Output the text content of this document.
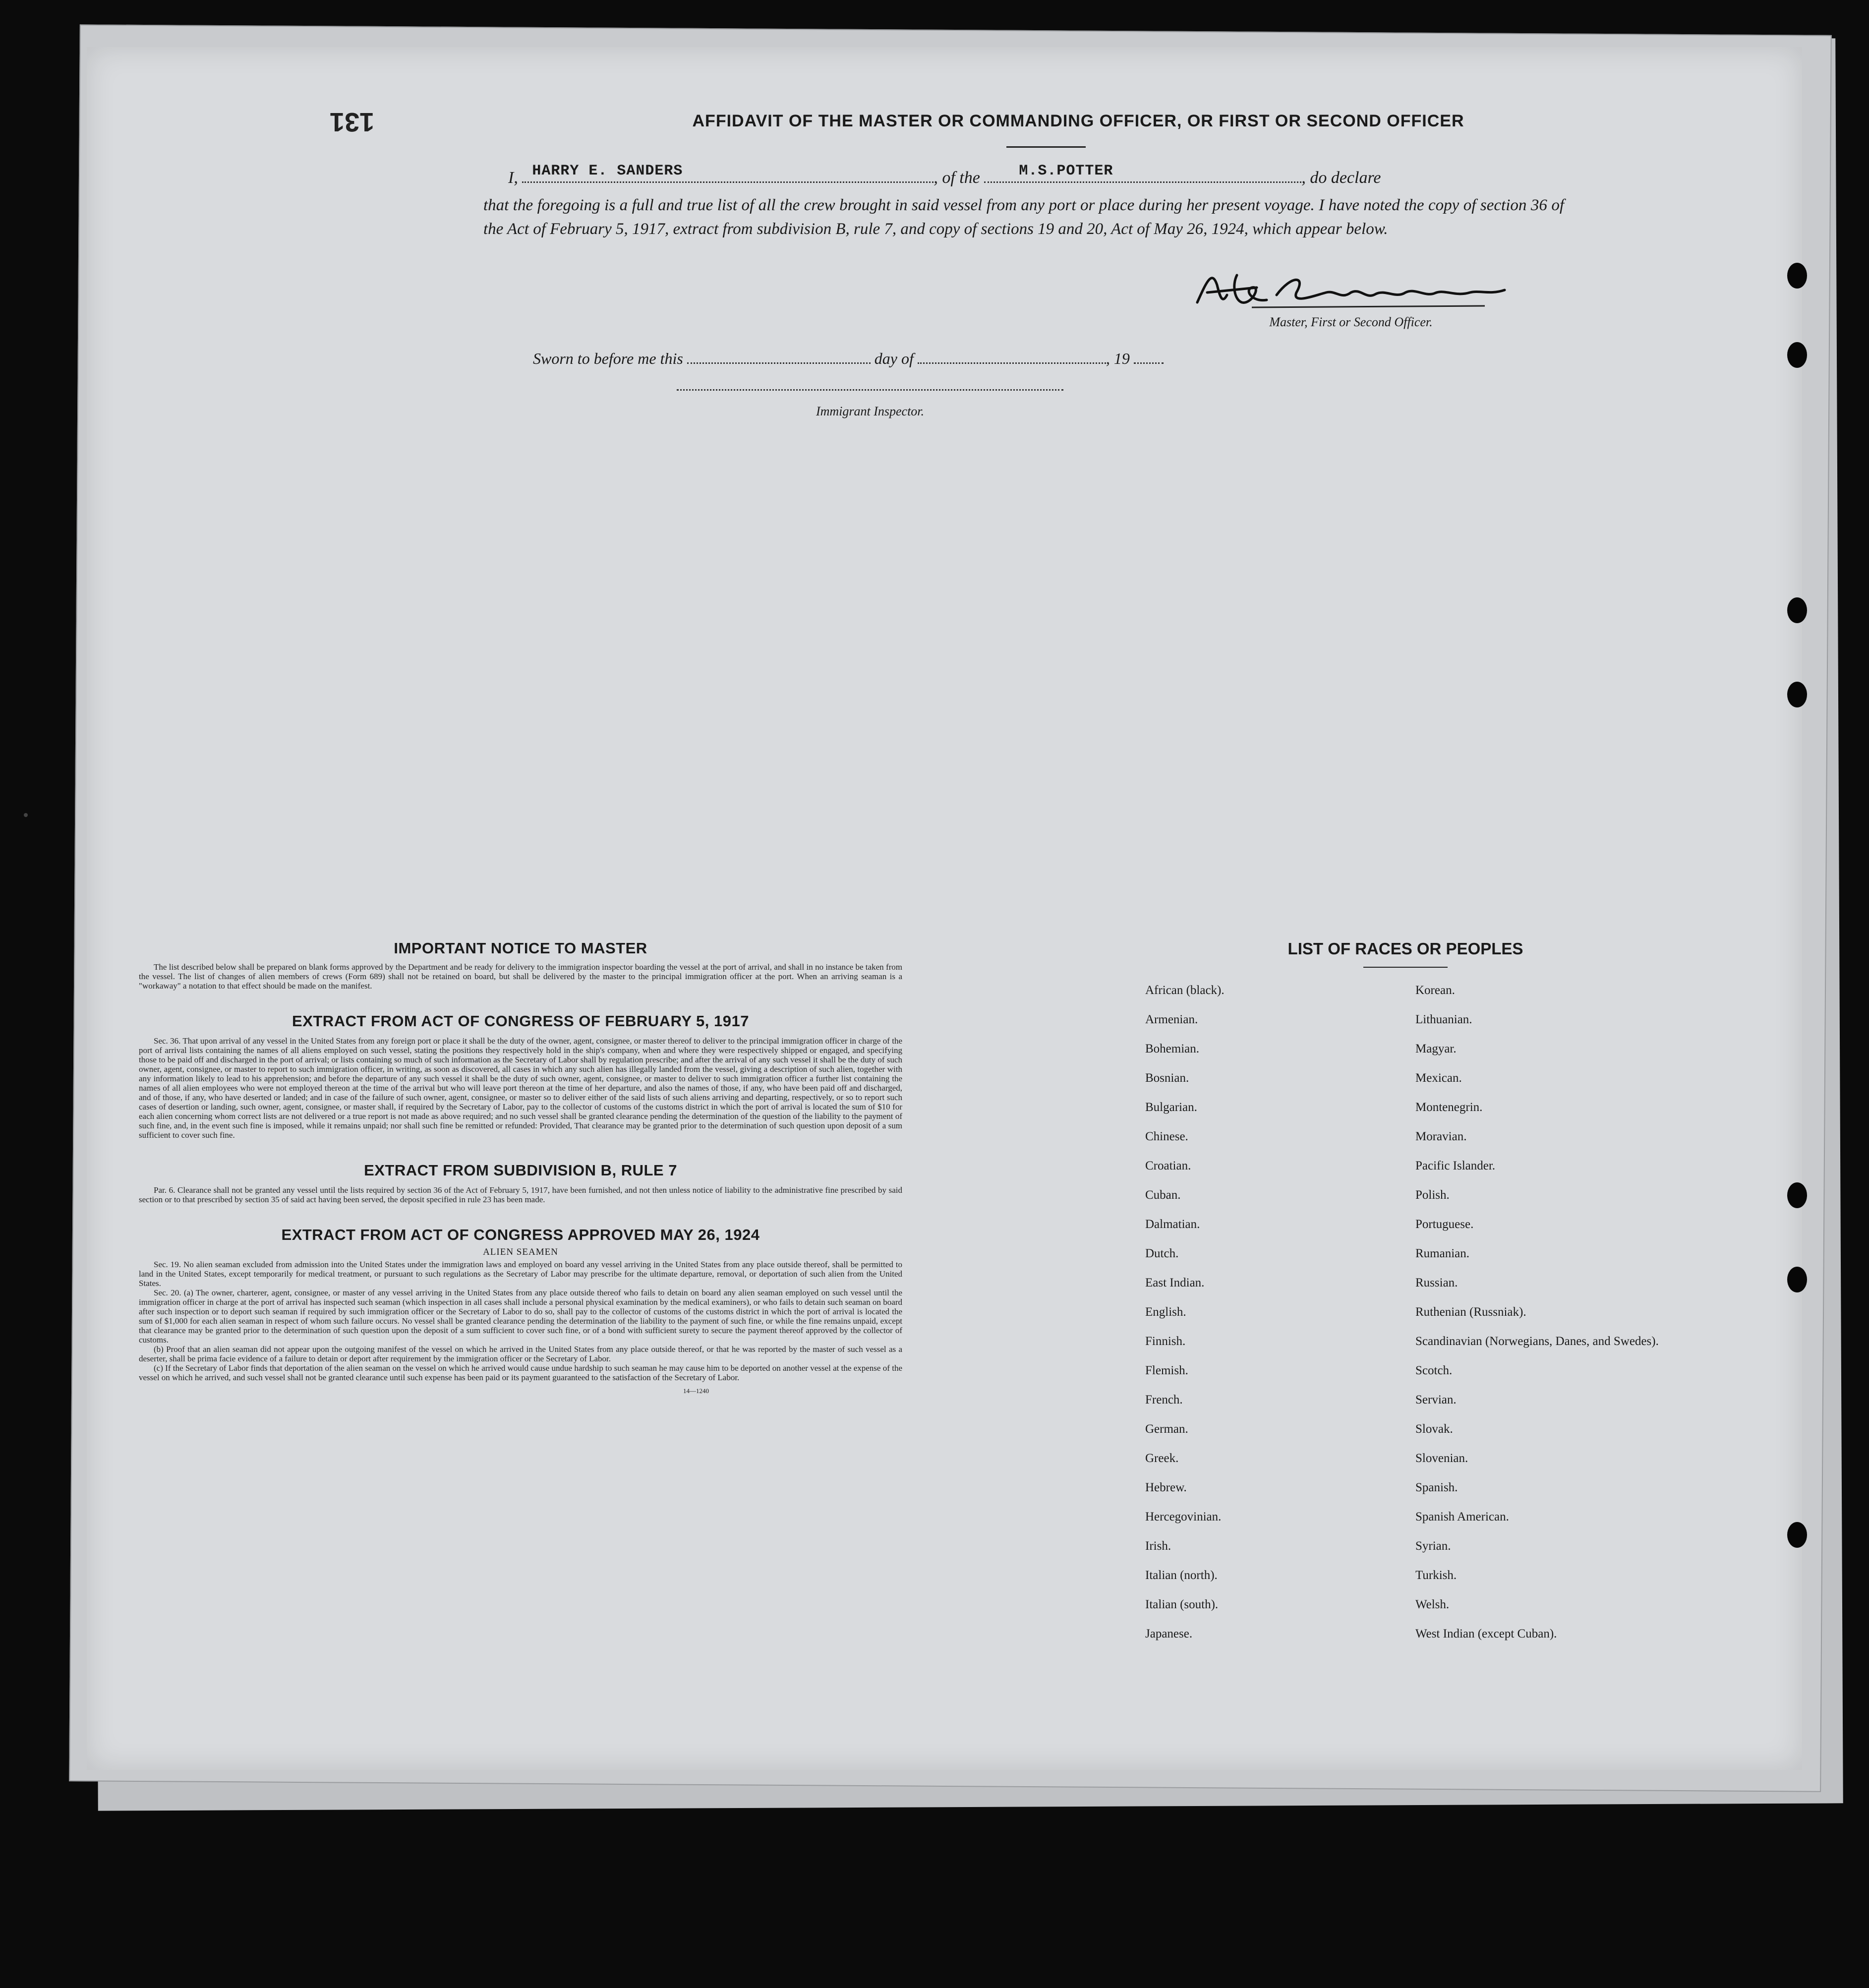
131	AFFIDAVIT OF THE MASTER OR COMMANDING OFFICER, OR FIRST OR SECOND OFFICER
I, HARRY E. SANDERS	, of the	M.S.POTTER	, do declare
that the foregoing is a full and true list of all the crew brought in said vessel from any port or place during her present voyage. I have noted the copy of section 36 of the Act of February 5, 1917, extract from subdivision B, rule 7, and copy of sections 19 and 20, Act of May 26, 1924, which appear below.
Master, First or Second Officer.
Sworn to before me this	day of	, 19
Immigrant Inspector.
IMPORTANT NOTICE TO MASTER

The list described below shall be prepared on blank forms approved by the Department and be ready for delivery to the immigration inspector boarding the vessel at the port of arrival, and shall in no instance be taken from the vessel. The list of changes of alien members of crews (Form 689) shall not be retained on board, but shall be delivered by the master to the principal immigration officer at the port. When an arriving seaman is a "workaway" a notation to that effect should be made on the manifest.

EXTRACT FROM ACT OF CONGRESS OF FEBRUARY 5, 1917

Sec. 36. That upon arrival of any vessel in the United States from any foreign port or place it shall be the duty of the owner, agent, consignee, or master thereof to deliver to the principal immigration officer in charge of the port of arrival lists containing the names of all aliens employed on such vessel, stating the positions they respectively hold in the ship's company, when and where they were respectively shipped or engaged, and specifying those to be paid off and discharged in the port of arrival; or lists containing so much of such information as the Secretary of Labor shall by regulation prescribe; and after the arrival of any such vessel it shall be the duty of such owner, agent, consignee, or master to report to such immigration officer, in writing, as soon as discovered, all cases in which any such alien has illegally landed from the vessel, giving a description of such alien, together with any information likely to lead to his apprehension; and before the departure of any such vessel it shall be the duty of such owner, agent, consignee, or master to deliver to such immigration officer a further list containing the names of all alien employees who were not employed thereon at the time of the arrival but who will leave port thereon at the time of her departure, and also the names of those, if any, who have been paid off and discharged, and of those, if any, who have deserted or landed; and in case of the failure of such owner, agent, consignee, or master so to deliver either of the said lists of such aliens arriving and departing, respectively, or so to report such cases of desertion or landing, such owner, agent, consignee, or master shall, if required by the Secretary of Labor, pay to the collector of customs of the customs district in which the port of arrival is located the sum of $10 for each alien concerning whom correct lists are not delivered or a true report is not made as above required; and no such vessel shall be granted clearance pending the determination of the question of the liability to the payment of such fine, and, in the event such fine is imposed, while it remains unpaid; nor shall such fine be remitted or refunded: Provided, That clearance may be granted prior to the determination of such question upon deposit of a sum sufficient to cover such fine.

EXTRACT FROM SUBDIVISION B, RULE 7

Par. 6. Clearance shall not be granted any vessel until the lists required by section 36 of the Act of February 5, 1917, have been furnished, and not then unless notice of liability to the administrative fine prescribed by said section or to that prescribed by section 35 of said act having been served, the deposit specified in rule 23 has been made.

EXTRACT FROM ACT OF CONGRESS APPROVED MAY 26, 1924
ALIEN SEAMEN

Sec. 19. No alien seaman excluded from admission into the United States under the immigration laws and employed on board any vessel arriving in the United States from any place outside thereof, shall be permitted to land in the United States, except temporarily for medical treatment, or pursuant to such regulations as the Secretary of Labor may prescribe for the ultimate departure, removal, or deportation of such alien from the United States.

Sec. 20. (a) The owner, charterer, agent, consignee, or master of any vessel arriving in the United States from any place outside thereof who fails to detain on board any alien seaman employed on such vessel until the immigration officer in charge at the port of arrival has inspected such seaman (which inspection in all cases shall include a personal physical examination by the medical examiners), or who fails to detain such seaman on board after such inspection or to deport such seaman if required by such immigration officer or the Secretary of Labor to do so, shall pay to the collector of customs of the customs district in which the port of arrival is located the sum of $1,000 for each alien seaman in respect of whom such failure occurs. No vessel shall be granted clearance pending the determination of the liability to the payment of such fine, or while the fine remains unpaid, except that clearance may be granted prior to the determination of such question upon the deposit of a sum sufficient to cover such fine, or of a bond with sufficient surety to secure the payment thereof approved by the collector of customs.

(b) Proof that an alien seaman did not appear upon the outgoing manifest of the vessel on which he arrived in the United States from any place outside thereof, or that he was reported by the master of such vessel as a deserter, shall be prima facie evidence of a failure to detain or deport after requirement by the immigration officer or the Secretary of Labor.

(c) If the Secretary of Labor finds that deportation of the alien seaman on the vessel on which he arrived would cause undue hardship to such seaman he may cause him to be deported on another vessel at the expense of the vessel on which he arrived, and such vessel shall not be granted clearance until such expense has been paid or its payment guaranteed to the satisfaction of the Secretary of Labor.

14—1240
LIST OF RACES OR PEOPLES
African (black).
Armenian.
Bohemian.
Bosnian.
Bulgarian.
Chinese.
Croatian.
Cuban.
Dalmatian.
Dutch.
East Indian.
English.
Finnish.
Flemish.
French.
German.
Greek.
Hebrew.
Hercegovinian.
Irish.
Italian (north).
Italian (south).
Japanese.
Korean.
Lithuanian.
Magyar.
Mexican.
Montenegrin.
Moravian.
Pacific Islander.
Polish.
Portuguese.
Rumanian.
Russian.
Ruthenian (Russniak).
Scandinavian (Norwegians, Danes, and Swedes).
Scotch.
Servian.
Slovak.
Slovenian.
Spanish.
Spanish American.
Syrian.
Turkish.
Welsh.
West Indian (except Cuban).
